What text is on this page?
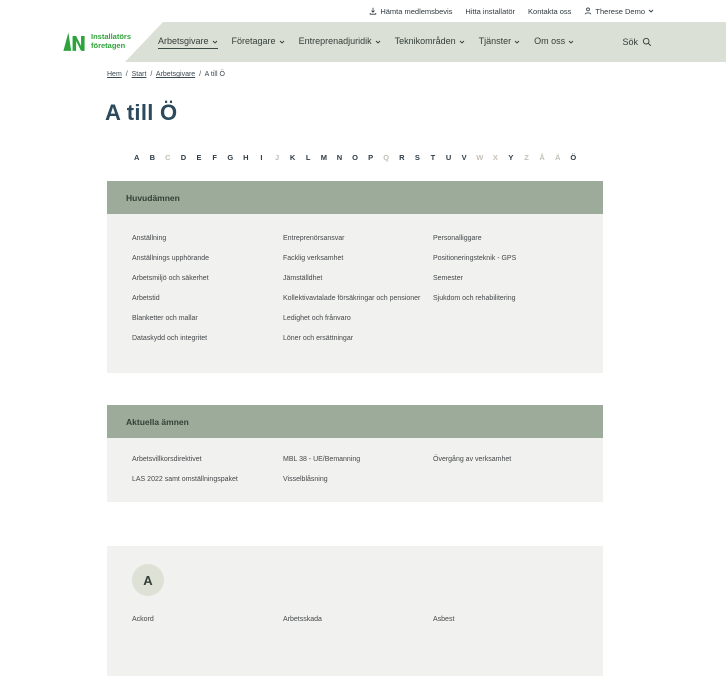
Hämta medlemsbevis Hitta installatör Kontakta oss	Therese Demo
Installatörs
företagen	Arbetsgivare	Företagare	Entreprenadjuridik	Teknikområden	Tjänster	Om oss	Sök
Hem / Start / Arbetsgivare / A till Ö
A till Ö
A B C D E F G H I J K L M N O P Q R S T U V W X Y Z Å Ä Ö
Huvudämnen
Anställning
Anställnings upphörande
Arbetsmiljö och säkerhet
Arbetstid
Blanketter och mallar
Dataskydd och integritet
Entreprenörsansvar
Facklig verksamhet
Jämställdhet
Kollektivavtalade försäkringar och pensioner
Ledighet och frånvaro
Löner och ersättningar
Personalliggare
Positioneringsteknik - GPS
Semester
Sjukdom och rehabilitering
Aktuella ämnen
Arbetsvillkorsdirektivet
LAS 2022 samt omställningspaket
MBL 38 - UE/Bemanning
Visselblåsning
Övergång av verksamhet
A
Ackord	Arbetsskada	Asbest
